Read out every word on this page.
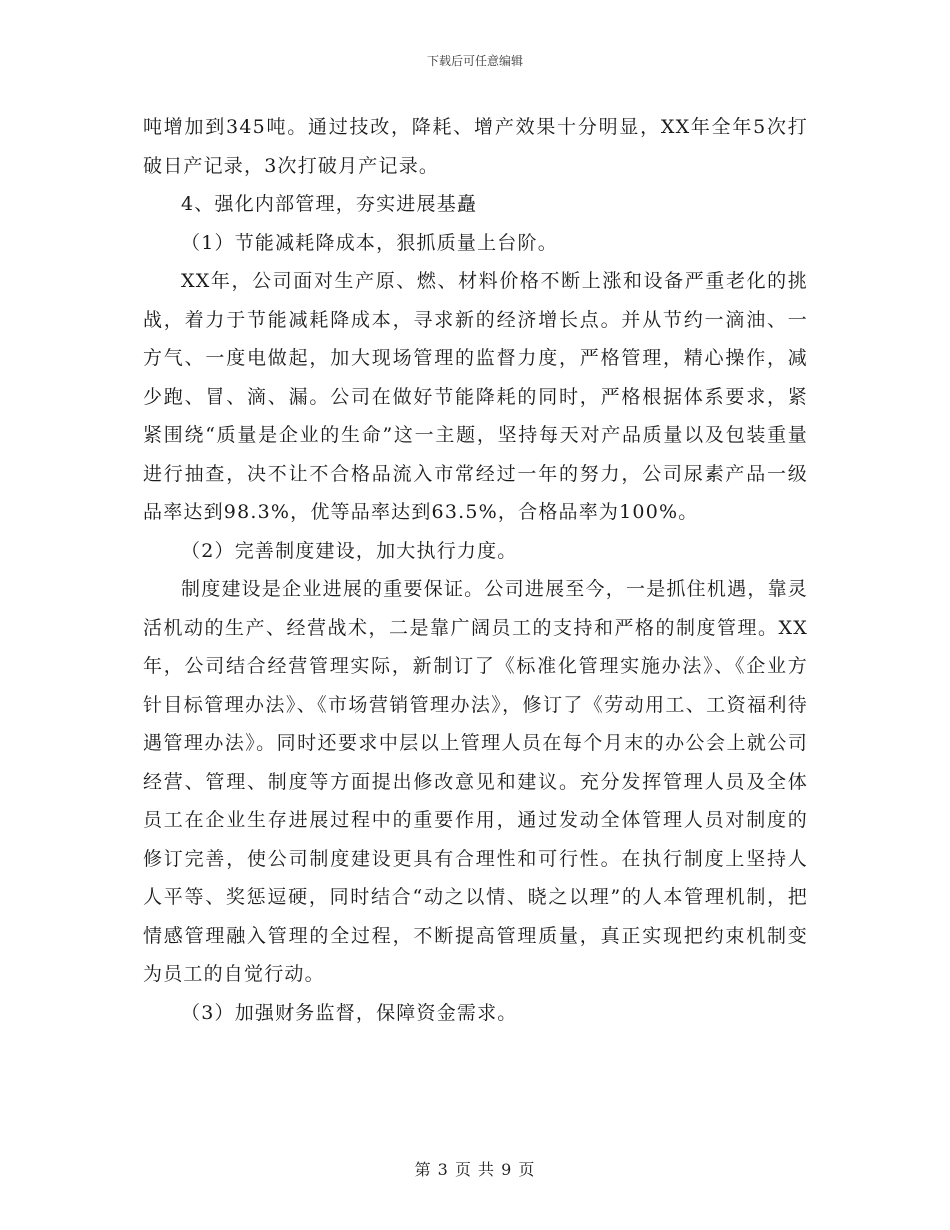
下载后可任意编辑

吨增加到345吨。通过技改，降耗、增产效果十分明显，XX年全年5次打破日产记录，3次打破月产记录。

4、强化内部管理，夯实进展基矗

（1）节能减耗降成本，狠抓质量上台阶。

XX年，公司面对生产原、燃、材料价格不断上涨和设备严重老化的挑战，着力于节能减耗降成本，寻求新的经济增长点。并从节约一滴油、一方气、一度电做起，加大现场管理的监督力度，严格管理，精心操作，减少跑、冒、滴、漏。公司在做好节能降耗的同时，严格根据体系要求，紧紧围绕“质量是企业的生命”这一主题，坚持每天对产品质量以及包装重量进行抽查，决不让不合格品流入市常经过一年的努力，公司尿素产品一级品率达到98.3%，优等品率达到63.5%，合格品率为100%。

（2）完善制度建设，加大执行力度。

制度建设是企业进展的重要保证。公司进展至今，一是抓住机遇，靠灵活机动的生产、经营战术，二是靠广阔员工的支持和严格的制度管理。XX年，公司结合经营管理实际，新制订了《标准化管理实施办法》、《企业方针目标管理办法》、《市场营销管理办法》，修订了《劳动用工、工资福利待遇管理办法》。同时还要求中层以上管理人员在每个月末的办公会上就公司经营、管理、制度等方面提出修改意见和建议。充分发挥管理人员及全体员工在企业生存进展过程中的重要作用，通过发动全体管理人员对制度的修订完善，使公司制度建设更具有合理性和可行性。在执行制度上坚持人人平等、奖惩逗硬，同时结合“动之以情、晓之以理”的人本管理机制，把情感管理融入管理的全过程，不断提高管理质量，真正实现把约束机制变为员工的自觉行动。

（3）加强财务监督，保障资金需求。

第 3 页 共 9 页
